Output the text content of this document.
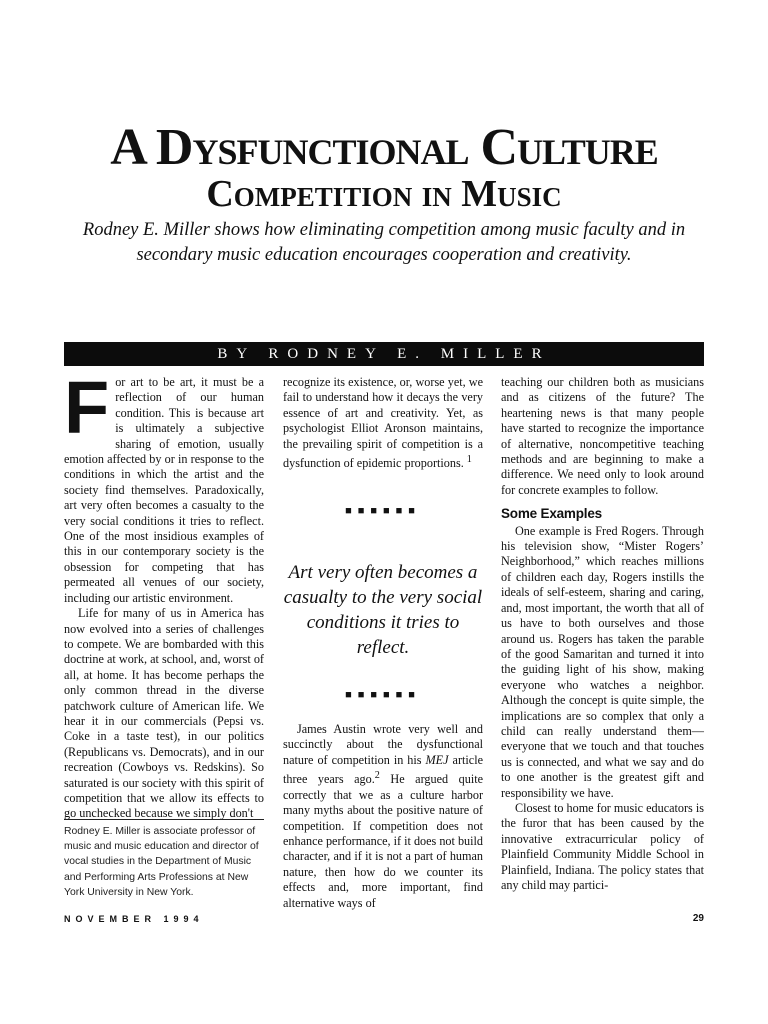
A Dysfunctional Culture
Competition in Music
Rodney E. Miller shows how eliminating competition among music faculty and in secondary music education encourages cooperation and creativity.
BY RODNEY E. MILLER
F or art to be art, it must be a reflection of our human condition. This is because art is ultimately a subjective sharing of emotion, usually emotion affected by or in response to the conditions in which the artist and the society find themselves. Paradoxically, art very often becomes a casualty to the very social conditions it tries to reflect. One of the most insidious examples of this in our contemporary society is the obsession for competing that has permeated all venues of our society, including our artistic environment.

Life for many of us in America has now evolved into a series of challenges to compete. We are bombarded with this doctrine at work, at school, and, worst of all, at home. It has become perhaps the only common thread in the diverse patchwork culture of American life. We hear it in our commercials (Pepsi vs. Coke in a taste test), in our politics (Republicans vs. Democrats), and in our recreation (Cowboys vs. Redskins). So saturated is our society with this spirit of competition that we allow its effects to go unchecked because we simply don't

Rodney E. Miller is associate professor of music and music education and director of vocal studies in the Department of Music and Performing Arts Professions at New York University in New York.

recognize its existence, or, worse yet, we fail to understand how it decays the very essence of art and creativity. Yet, as psychologist Elliot Aronson maintains, the prevailing spirit of competition is a dysfunction of epidemic proportions. $^1$

■■■■■■
Art very often becomes a casualty to the very social conditions it tries to reflect.
■■■■■■

James Austin wrote very well and succinctly about the dysfunctional nature of competition in his MEJ article three years ago.$^2$ He argued quite correctly that we as a culture harbor many myths about the positive nature of competition. If competition does not enhance performance, if it does not build character, and if it is not a part of human nature, then how do we counter its effects and, more important, find alternative ways of

teaching our children both as musicians and as citizens of the future? The heartening news is that many people have started to recognize the importance of alternative, noncompetitive teaching methods and are beginning to make a difference. We need only to look around for concrete examples to follow.

Some Examples

One example is Fred Rogers. Through his television show, “Mister Rogers’ Neighborhood,” which reaches millions of children each day, Rogers instills the ideals of self-esteem, sharing and caring, and, most important, the worth that all of us have to both ourselves and those around us. Rogers has taken the parable of the good Samaritan and turned it into the guiding light of his show, making everyone who watches a neighbor. Although the concept is quite simple, the implications are so complex that only a child can really understand them—everyone that we touch and that touches us is connected, and what we say and do to one another is the greatest gift and responsibility we have.

Closest to home for music educators is the furor that has been caused by the innovative extracurricular policy of Plainfield Community Middle School in Plainfield, Indiana. The policy states that any child may partici-

NOVEMBER 1994	29
